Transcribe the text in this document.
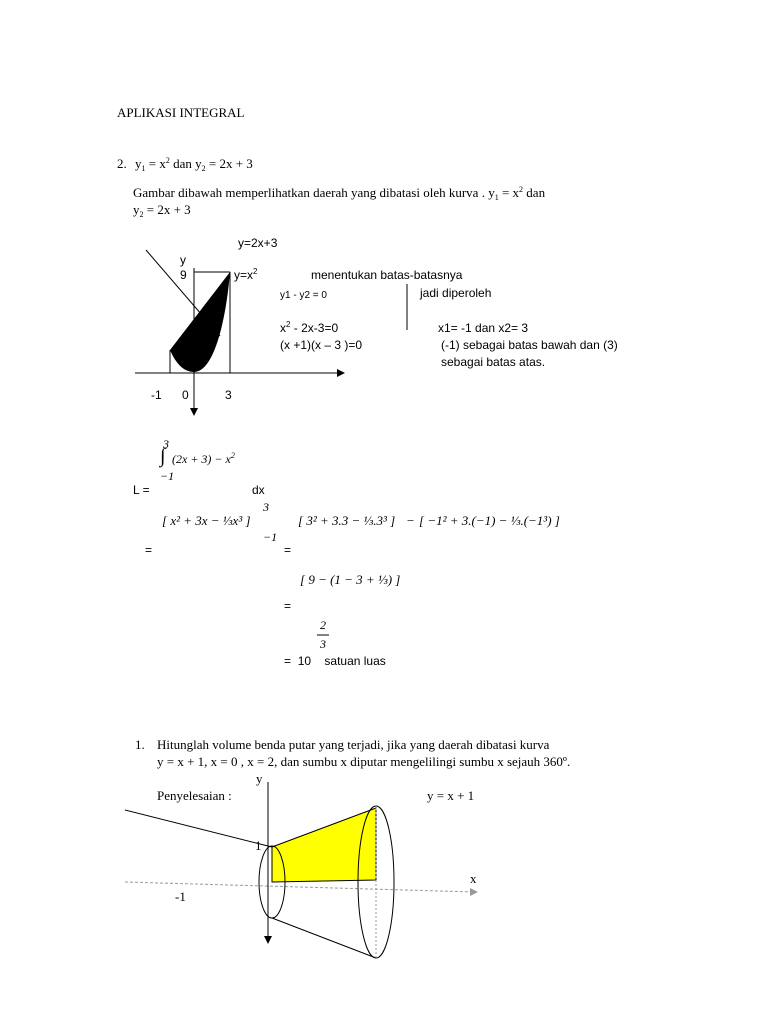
APLIKASI INTEGRAL
2. $y_1 = x^2$ dan $y_2 = 2x + 3$
Gambar dibawah memperlihatkan daerah yang dibatasi oleh kurva . $y_1 = x^2$ dan
$y_2 = 2x + 3$
y=2x+3
y
9	$y=x^2$
-1 0	3
menentukan batas-batasnya
y1 - y2 = 0
$x^2 - 2x-3=0$
(x +1)(x – 3 )=0
jadi diperoleh
x1= -1 dan x2= 3
(-1) sebagai batas bawah dan (3)
sebagai batas atas.
3
∫
−1
$(2x + 3) - x^2$
L =	dx
[ x² + 3x − ⅓x³ ]
3
−1
=
[ 3² + 3.3 − ⅓.3³ ] − [ −1² + 3.(−1) − ⅓.(−1³) ]
=
[ 9 − (1 − 3 + ⅓) ]
=
2
3
=  10 satuan luas
1. Hitunglah volume benda putar yang terjadi, jika yang daerah dibatasi kurva
y = x + 1, x = 0 , x = 2, dan sumbu x diputar mengelilingi sumbu x sejauh 360º.
Penyelesaian :	y = x + 1
y
x
1
-1
